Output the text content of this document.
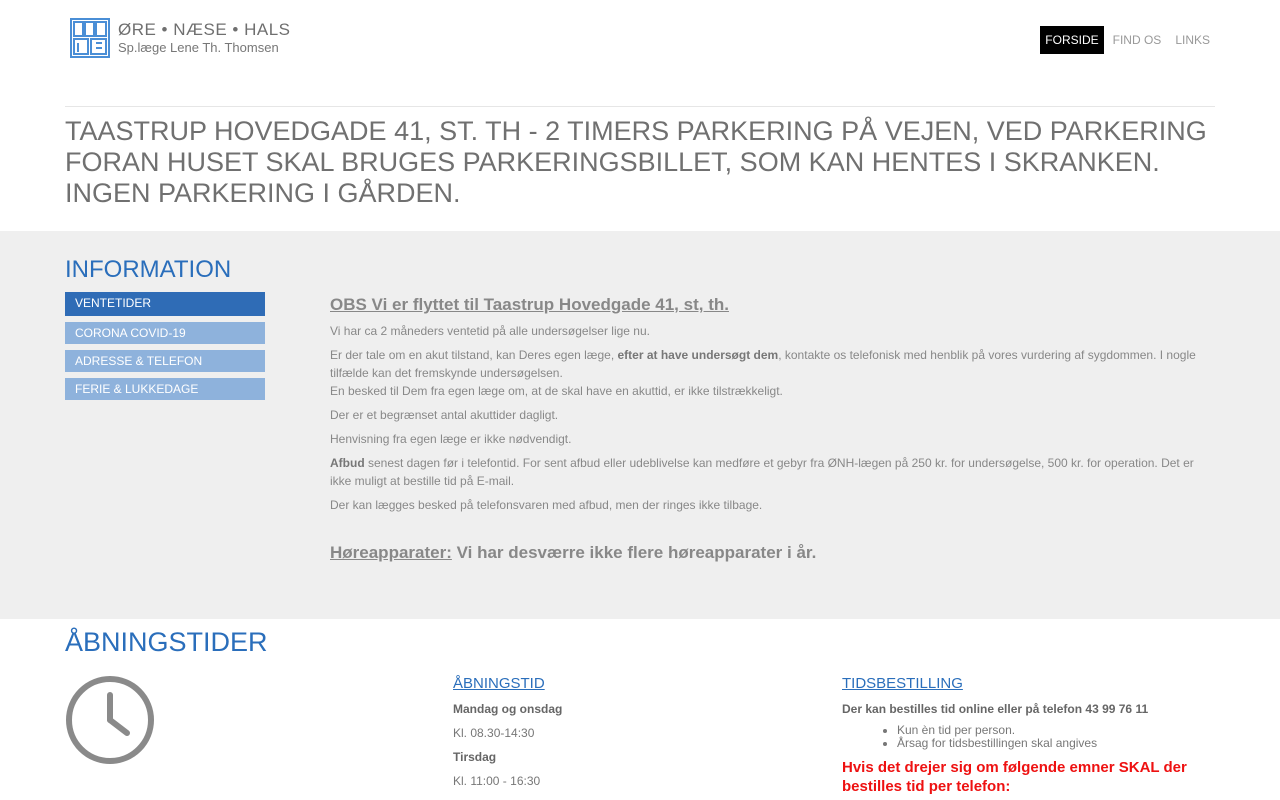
ØRE • NÆSE • HALS
Sp.læge Lene Th. Thomsen
FORSIDE	FIND OS	LINKS
TAASTRUP HOVEDGADE 41, ST. TH - 2 TIMERS PARKERING PÅ VEJEN, VED PARKERING FORAN HUSET SKAL BRUGES PARKERINGSBILLET, SOM KAN HENTES I SKRANKEN. INGEN PARKERING I GÅRDEN.
INFORMATION
VENTETIDER
CORONA COVID-19
ADRESSE & TELEFON
FERIE & LUKKEDAGE
OBS Vi er flyttet til Taastrup Hovedgade 41, st, th.

Vi har ca 2 måneders ventetid på alle undersøgelser lige nu.

Er der tale om en akut tilstand, kan Deres egen læge, efter at have undersøgt dem, kontakte os telefonisk med henblik på vores vurdering af sygdommen. I nogle tilfælde kan det fremskynde undersøgelsen.

En besked til Dem fra egen læge om, at de skal have en akuttid, er ikke tilstrækkeligt.

Der er et begrænset antal akuttider dagligt.

Henvisning fra egen læge er ikke nødvendigt.

Afbud senest dagen før i telefontid. For sent afbud eller udeblivelse kan medføre et gebyr fra ØNH-lægen på 250 kr. for undersøgelse, 500 kr. for operation. Det er ikke muligt at bestille tid på E-mail.

Der kan lægges besked på telefonsvaren med afbud, men der ringes ikke tilbage.

Høreapparater: Vi har desværre ikke flere høreapparater i år.
ÅBNINGSTIDER
ÅBNINGSTID

Mandag og onsdag

Kl. 08.30-14:30

Tirsdag

Kl. 11:00 - 16:30

TIDSBESTILLING

Der kan bestilles tid online eller på telefon 43 99 76 11

• Kun èn tid per person.
• Årsag for tidsbestillingen skal angives
Hvis det drejer sig om følgende emner SKAL der bestilles tid per telefon:
